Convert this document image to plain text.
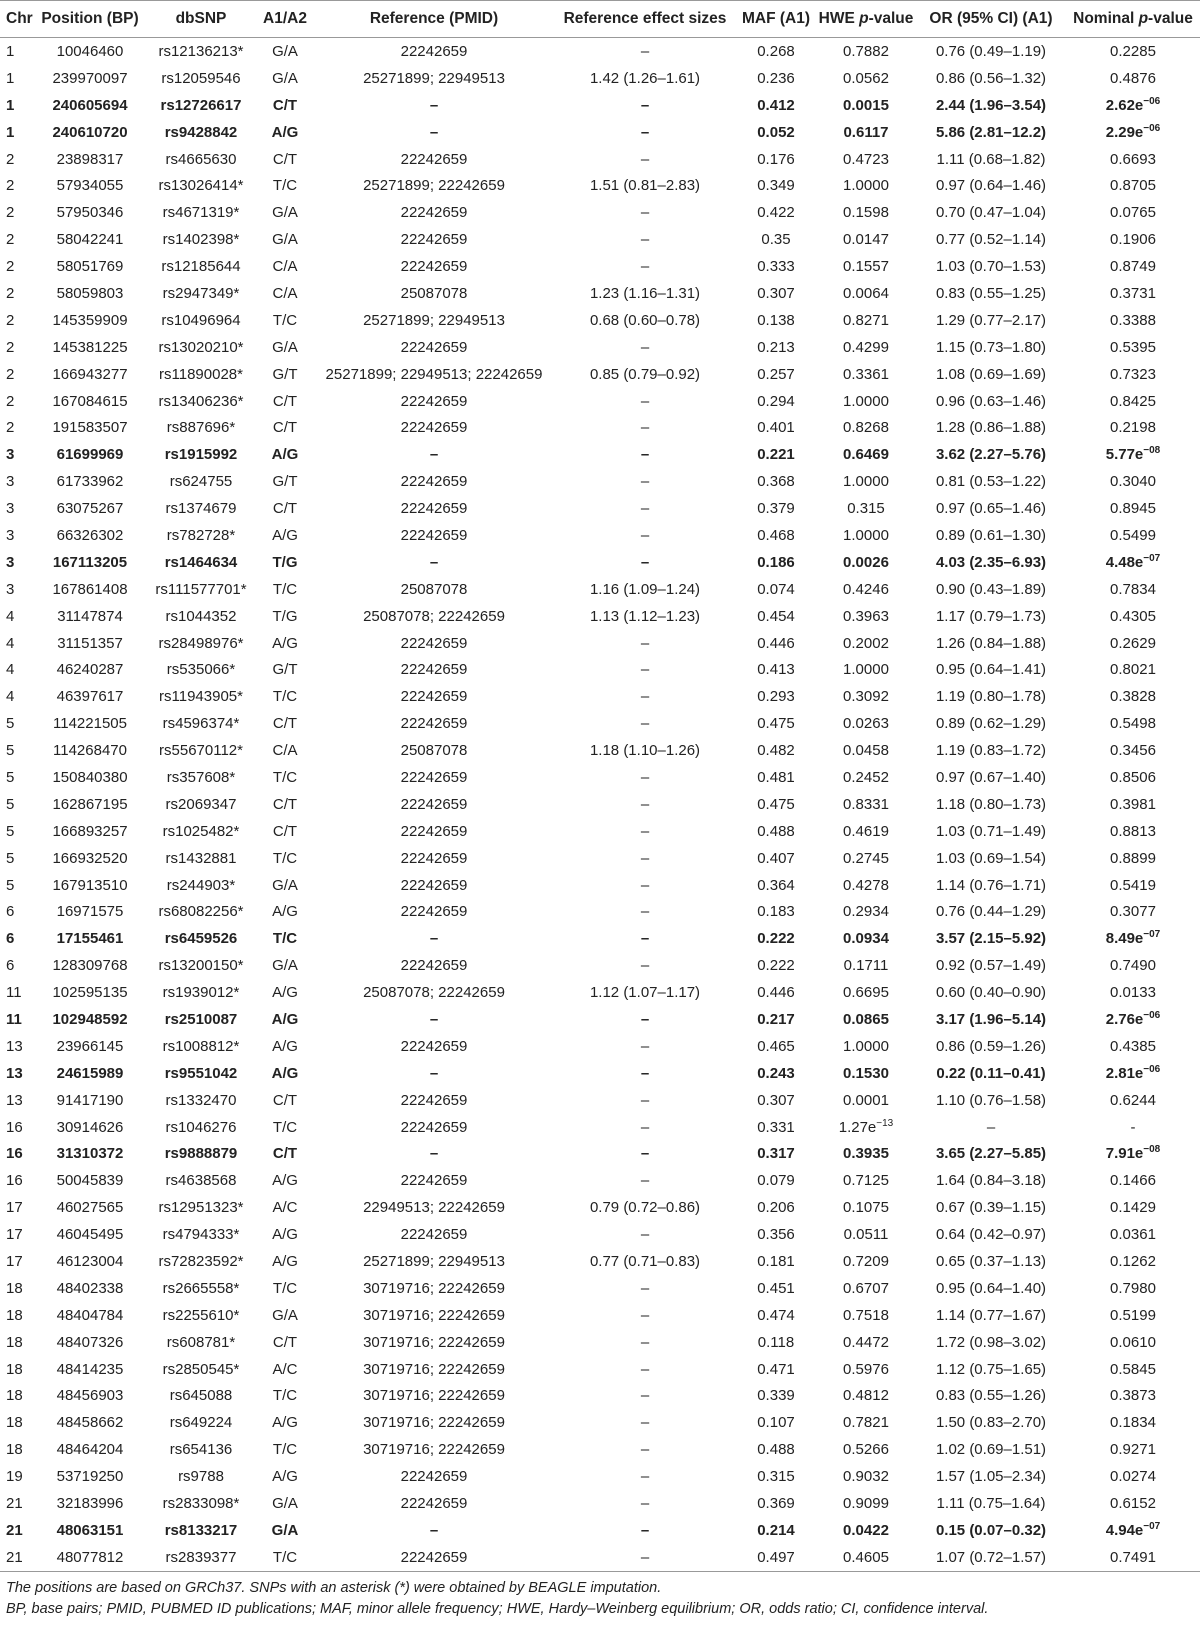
Chr	Position (BP)	dbSNP	A1/A2	Reference (PMID)	Reference effect sizes	MAF (A1)	HWE p-value	OR (95% CI) (A1)	Nominal p-value
1	10046460	rs12136213*	G/A	22242659	–	0.268	0.7882	0.76 (0.49–1.19)	0.2285
1	239970097	rs12059546	G/A	25271899; 22949513	1.42 (1.26–1.61)	0.236	0.0562	0.86 (0.56–1.32)	0.4876
1	240605694	rs12726617	C/T	–	–	0.412	0.0015	2.44 (1.96–3.54)	$2.62e^{-06}$
1	240610720	rs9428842	A/G	–	–	0.052	0.6117	5.86 (2.81–12.2)	$2.29e^{-06}$
2	23898317	rs4665630	C/T	22242659	–	0.176	0.4723	1.11 (0.68–1.82)	0.6693
2	57934055	rs13026414*	T/C	25271899; 22242659	1.51 (0.81–2.83)	0.349	1.0000	0.97 (0.64–1.46)	0.8705
2	57950346	rs4671319*	G/A	22242659	–	0.422	0.1598	0.70 (0.47–1.04)	0.0765
2	58042241	rs1402398*	G/A	22242659	–	0.35	0.0147	0.77 (0.52–1.14)	0.1906
2	58051769	rs12185644	C/A	22242659	–	0.333	0.1557	1.03 (0.70–1.53)	0.8749
2	58059803	rs2947349*	C/A	25087078	1.23 (1.16–1.31)	0.307	0.0064	0.83 (0.55–1.25)	0.3731
2	145359909	rs10496964	T/C	25271899; 22949513	0.68 (0.60–0.78)	0.138	0.8271	1.29 (0.77–2.17)	0.3388
2	145381225	rs13020210*	G/A	22242659	–	0.213	0.4299	1.15 (0.73–1.80)	0.5395
2	166943277	rs11890028*	G/T	25271899; 22949513; 22242659	0.85 (0.79–0.92)	0.257	0.3361	1.08 (0.69–1.69)	0.7323
2	167084615	rs13406236*	C/T	22242659	–	0.294	1.0000	0.96 (0.63–1.46)	0.8425
2	191583507	rs887696*	C/T	22242659	–	0.401	0.8268	1.28 (0.86–1.88)	0.2198
3	61699969	rs1915992	A/G	–	–	0.221	0.6469	3.62 (2.27–5.76)	$5.77e^{-08}$
3	61733962	rs624755	G/T	22242659	–	0.368	1.0000	0.81 (0.53–1.22)	0.3040
3	63075267	rs1374679	C/T	22242659	–	0.379	0.315	0.97 (0.65–1.46)	0.8945
3	66326302	rs782728*	A/G	22242659	–	0.468	1.0000	0.89 (0.61–1.30)	0.5499
3	167113205	rs1464634	T/G	–	–	0.186	0.0026	4.03 (2.35–6.93)	$4.48e^{-07}$
3	167861408	rs111577701*	T/C	25087078	1.16 (1.09–1.24)	0.074	0.4246	0.90 (0.43–1.89)	0.7834
4	31147874	rs1044352	T/G	25087078; 22242659	1.13 (1.12–1.23)	0.454	0.3963	1.17 (0.79–1.73)	0.4305
4	31151357	rs28498976*	A/G	22242659	–	0.446	0.2002	1.26 (0.84–1.88)	0.2629
4	46240287	rs535066*	G/T	22242659	–	0.413	1.0000	0.95 (0.64–1.41)	0.8021
4	46397617	rs11943905*	T/C	22242659	–	0.293	0.3092	1.19 (0.80–1.78)	0.3828
5	114221505	rs4596374*	C/T	22242659	–	0.475	0.0263	0.89 (0.62–1.29)	0.5498
5	114268470	rs55670112*	C/A	25087078	1.18 (1.10–1.26)	0.482	0.0458	1.19 (0.83–1.72)	0.3456
5	150840380	rs357608*	T/C	22242659	–	0.481	0.2452	0.97 (0.67–1.40)	0.8506
5	162867195	rs2069347	C/T	22242659	–	0.475	0.8331	1.18 (0.80–1.73)	0.3981
5	166893257	rs1025482*	C/T	22242659	–	0.488	0.4619	1.03 (0.71–1.49)	0.8813
5	166932520	rs1432881	T/C	22242659	–	0.407	0.2745	1.03 (0.69–1.54)	0.8899
5	167913510	rs244903*	G/A	22242659	–	0.364	0.4278	1.14 (0.76–1.71)	0.5419
6	16971575	rs68082256*	A/G	22242659	–	0.183	0.2934	0.76 (0.44–1.29)	0.3077
6	17155461	rs6459526	T/C	–	–	0.222	0.0934	3.57 (2.15–5.92)	$8.49e^{-07}$
6	128309768	rs13200150*	G/A	22242659	–	0.222	0.1711	0.92 (0.57–1.49)	0.7490
11	102595135	rs1939012*	A/G	25087078; 22242659	1.12 (1.07–1.17)	0.446	0.6695	0.60 (0.40–0.90)	0.0133
11	102948592	rs2510087	A/G	–	–	0.217	0.0865	3.17 (1.96–5.14)	$2.76e^{-06}$
13	23966145	rs1008812*	A/G	22242659	–	0.465	1.0000	0.86 (0.59–1.26)	0.4385
13	24615989	rs9551042	A/G	–	–	0.243	0.1530	0.22 (0.11–0.41)	$2.81e^{-06}$
13	91417190	rs1332470	C/T	22242659	–	0.307	0.0001	1.10 (0.76–1.58)	0.6244
16	30914626	rs1046276	T/C	22242659	–	0.331	$1.27e^{-13}$	–	-
16	31310372	rs9888879	C/T	–	–	0.317	0.3935	3.65 (2.27–5.85)	$7.91e^{-08}$
16	50045839	rs4638568	A/G	22242659	–	0.079	0.7125	1.64 (0.84–3.18)	0.1466
17	46027565	rs12951323*	A/C	22949513; 22242659	0.79 (0.72–0.86)	0.206	0.1075	0.67 (0.39–1.15)	0.1429
17	46045495	rs4794333*	A/G	22242659	–	0.356	0.0511	0.64 (0.42–0.97)	0.0361
17	46123004	rs72823592*	A/G	25271899; 22949513	0.77 (0.71–0.83)	0.181	0.7209	0.65 (0.37–1.13)	0.1262
18	48402338	rs2665558*	T/C	30719716; 22242659	–	0.451	0.6707	0.95 (0.64–1.40)	0.7980
18	48404784	rs2255610*	G/A	30719716; 22242659	–	0.474	0.7518	1.14 (0.77–1.67)	0.5199
18	48407326	rs608781*	C/T	30719716; 22242659	–	0.118	0.4472	1.72 (0.98–3.02)	0.0610
18	48414235	rs2850545*	A/C	30719716; 22242659	–	0.471	0.5976	1.12 (0.75–1.65)	0.5845
18	48456903	rs645088	T/C	30719716; 22242659	–	0.339	0.4812	0.83 (0.55–1.26)	0.3873
18	48458662	rs649224	A/G	30719716; 22242659	–	0.107	0.7821	1.50 (0.83–2.70)	0.1834
18	48464204	rs654136	T/C	30719716; 22242659	–	0.488	0.5266	1.02 (0.69–1.51)	0.9271
19	53719250	rs9788	A/G	22242659	–	0.315	0.9032	1.57 (1.05–2.34)	0.0274
21	32183996	rs2833098*	G/A	22242659	–	0.369	0.9099	1.11 (0.75–1.64)	0.6152
21	48063151	rs8133217	G/A	–	–	0.214	0.0422	0.15 (0.07–0.32)	$4.94e^{-07}$
21	48077812	rs2839377	T/C	22242659	–	0.497	0.4605	1.07 (0.72–1.57)	0.7491
The positions are based on GRCh37. SNPs with an asterisk (*) were obtained by BEAGLE imputation.
BP, base pairs; PMID, PUBMED ID publications; MAF, minor allele frequency; HWE, Hardy–Weinberg equilibrium; OR, odds ratio; CI, confidence interval.
